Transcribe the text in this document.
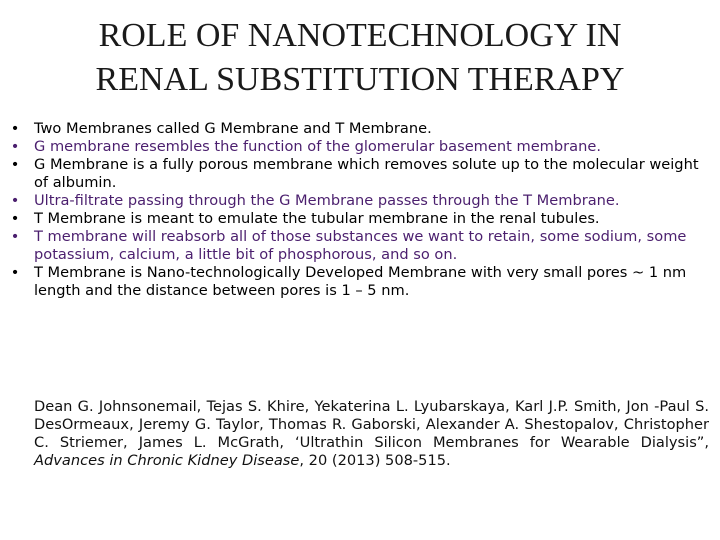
ROLE OF NANOTECHNOLOGY IN
RENAL SUBSTITUTION THERAPY
• Two Membranes called G Membrane and T Membrane.
• G membrane resembles the function of the glomerular basement membrane.
• G Membrane is a fully porous membrane which removes solute up to the molecular weight of albumin.
• Ultra-filtrate passing through the G Membrane passes through the T Membrane.
• T Membrane is meant to emulate the tubular membrane in the renal tubules.
• T membrane will reabsorb all of those substances we want to retain, some sodium, some potassium, calcium, a little bit of phosphorous, and so on.
• T Membrane is Nano-technologically Developed Membrane with very small pores ~ 1 nm length and the distance between pores is 1 – 5 nm.

Dean G. Johnsonemail, Tejas S. Khire, Yekaterina L. Lyubarskaya, Karl J.P. Smith, Jon -Paul S. DesOrmeaux, Jeremy G. Taylor, Thomas R. Gaborski, Alexander A. Shestopalov, Christopher C. Striemer, James L. McGrath, ‘Ultrathin Silicon Membranes for Wearable Dialysis”, Advances in Chronic Kidney Disease, 20 (2013) 508-515.
